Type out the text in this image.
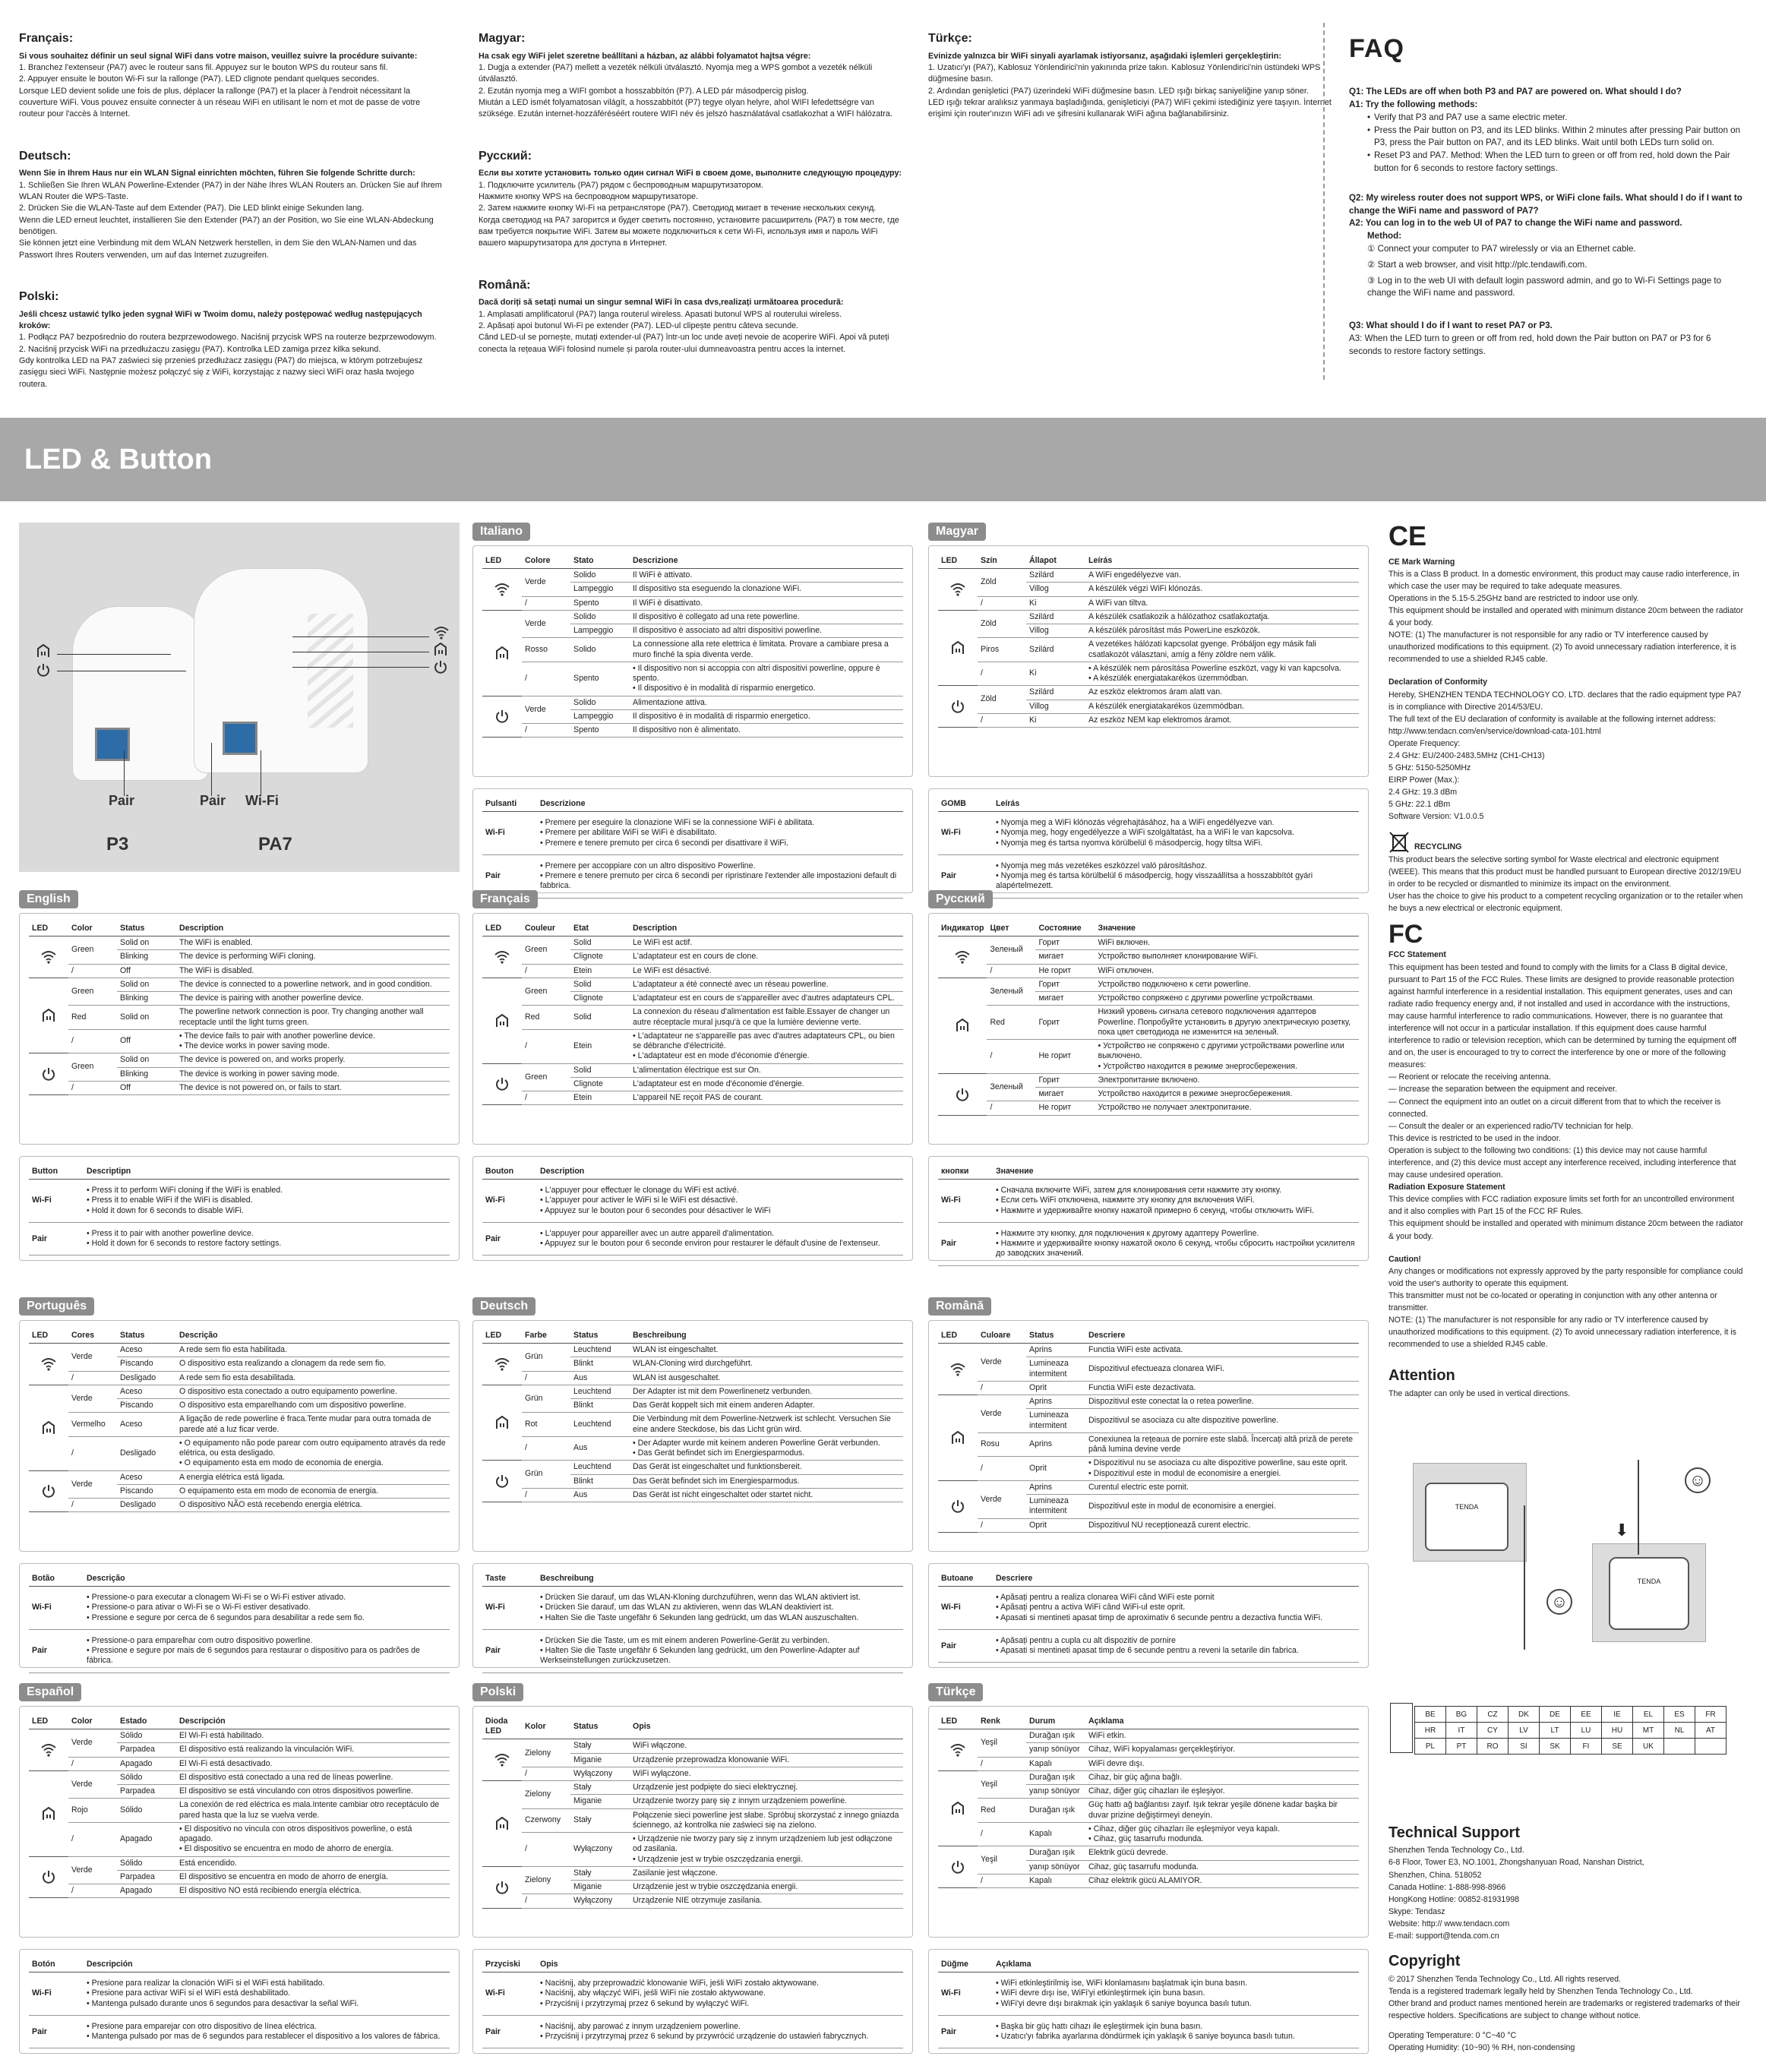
Français:
Si vous souhaitez définir un seul signal WiFi dans votre maison, veuillez suivre la procédure suivante:
1. Branchez l'extenseur (PA7) avec le routeur sans fil. Appuyez sur le bouton WPS du routeur sans fil.
2. Appuyer ensuite le bouton Wi-Fi sur la rallonge (PA7). LED clignote pendant quelques secondes.
Lorsque LED devient solide une fois de plus, déplacer la rallonge (PA7) et la placer à l'endroit nécessitant la couverture WiFi. Vous pouvez ensuite connecter à un réseau WiFi en utilisant le nom et mot de passe de votre routeur pour l'accès à Internet.
Deutsch:
Wenn Sie in Ihrem Haus nur ein WLAN Signal einrichten möchten, führen Sie folgende Schritte durch:
1. Schließen Sie Ihren WLAN Powerline-Extender (PA7) in der Nähe Ihres WLAN Routers an. Drücken Sie auf Ihrem WLAN Router die WPS-Taste.
2. Drücken Sie die WLAN-Taste auf dem Extender (PA7). Die LED blinkt einige Sekunden lang.
Wenn die LED erneut leuchtet, installieren Sie den Extender (PA7) an der Position, wo Sie eine WLAN-Abdeckung benötigen.
Sie können jetzt eine Verbindung mit dem WLAN Netzwerk herstellen, in dem Sie den WLAN-Namen und das Passwort Ihres Routers verwenden, um auf das Internet zuzugreifen.
Polski:
Jeśli chcesz ustawić tylko jeden sygnał WiFi w Twoim domu, należy postępować według następujących kroków:
1. Podłącz PA7 bezpośrednio do routera bezprzewodowego. Naciśnij przycisk WPS na routerze bezprzewodowym.
2. Naciśnij przycisk WiFi na przedłużaczu zasięgu (PA7). Kontrolka LED zamiga przez kilka sekund.
Gdy kontrolka LED na PA7 zaświeci się przenieś przedłużacz zasięgu (PA7) do miejsca, w którym potrzebujesz zasięgu sieci WiFi. Następnie możesz połączyć się z WiFi, korzystając z nazwy sieci WiFi oraz hasła twojego routera.
Magyar:
Ha csak egy WiFi jelet szeretne beállítani a házban, az alábbi folyamatot hajtsa végre:
1. Dugja a extender (PA7) mellett a vezeték nélküli útválasztó. Nyomja meg a WPS gombot a vezeték nélküli útválasztó.
2. Ezután nyomja meg a WIFI gombot a hosszabbítón (P7). A LED pár másodpercig pislog.
Miután a LED ismét folyamatosan világít, a hosszabbítót (P7) tegye olyan helyre, ahol WIFI lefedettségre van szüksége. Ezután internet-hozzáféréséért routere WIFI név és jelszó használatával csatlakozhat a WIFI hálózatra.
Русский:
Если вы хотите установить только один сигнал WiFi в своем доме, выполните следующую процедуру:
1. Подключите усилитель (PA7) рядом с беспроводным маршрутизатором.
Нажмите кнопку WPS на беспроводном маршрутизаторе.
2. Затем нажмите кнопку Wi-Fi на ретрансляторе (PA7). Светодиод мигает в течение нескольких секунд.
Когда светодиод на PA7 загорится и будет светить постоянно, установите расширитель (PA7) в том месте, где вам требуется покрытие WiFi. Затем вы можете подключиться к сети Wi-Fi, используя имя и пароль WiFi вашего маршрутизатора для доступа в Интернет.
Română:
Dacă doriți să setați numai un singur semnal WiFi în casa dvs,realizați următoarea procedură:
1. Amplasati amplificatorul (PA7) langa routerul wireless. Apasati butonul WPS al routerului wireless.
2. Apăsați apoi butonul Wi-Fi pe extender (PA7). LED-ul clipește pentru câteva secunde.
Când LED-ul se pornește, mutați extender-ul (PA7) într-un loc unde aveți nevoie de acoperire WiFi. Apoi vă puteți conecta la rețeaua WiFi folosind numele și parola router-ului dumneavoastra pentru acces la internet.
Türkçe:
Evinizde yalnızca bir WiFi sinyali ayarlamak istiyorsanız, aşağıdaki işlemleri gerçekleştirin:
1. Uzatıcı'yı (PA7), Kablosuz Yönlendirici'nin yakınında prize takın. Kablosuz Yönlendirici'nin üstündeki WPS düğmesine basın.
2. Ardından genişletici (PA7) üzerindeki WiFi düğmesine basın. LED ışığı birkaç saniyeliğine yanıp söner.
LED ışığı tekrar aralıksız yanmaya başladığında, genişleticiyi (PA7) WiFi çekimi istediğiniz yere taşıyın. İnternet erişimi için router'ınızın WiFi adı ve şifresini kullanarak WiFi ağına bağlanabilirsiniz.
FAQ

Q1: The LEDs are off when both P3 and PA7 are powered on. What should I do?

A1: Try the following methods:

• Verify that P3 and PA7 use a same electric meter.
• Press the Pair button on P3, and its LED blinks. Within 2 minutes after pressing Pair button on P3, press the Pair button on PA7, and its LED blinks. Wait until both LEDs turn solid on.
• Reset P3 and PA7. Method: When the LED turn to green or off from red, hold down the Pair button for 6 seconds to restore factory settings.

Q2: My wireless router does not support WPS, or WiFi clone fails. What should I do if I want to change the WiFi name and password of PA7?

A2: You can log in to the web UI of PA7 to change the WiFi name and password.

Method:

① Connect your computer to PA7 wirelessly or via an Ethernet cable.

② Start a web browser, and visit http://plc.tendawifi.com.

③ Log in to the web UI with default login password admin, and go to Wi-Fi Settings page to change the WiFi name and password.

Q3: What should I do if I want to reset PA7 or P3.

A3: When the LED turn to green or off from red, hold down the Pair button on PA7 or P3 for 6 seconds to restore factory settings.

LED & Button
Pair	Pair Wi-Fi
P3	PA7
Italiano
LED	Colore	Stato	Descrizione
	Verde	Solido	Il WiFi è attivato.
		Lampeggio	Il dispositivo sta eseguendo la clonazione WiFi.
	/	Spento	Il WiFi è disattivato.
	Verde	Solido	Il dispositivo è collegato ad una rete powerline.
		Lampeggio	Il dispositivo è associato ad altri dispositivi powerline.
	Rosso	Solido	La connessione alla rete elettrica è limitata. Provare a cambiare presa a muro finché la spia diventa verde.
	/	Spento	• Il dispositivo non si accoppia con altri dispositivi powerline, oppure è spento.
• Il dispositivo è in modalità di risparmio energetico.
	Verde	Solido	Alimentazione attiva.
		Lampeggio	Il dispositivo è in modalità di risparmio energetico.
	/	Spento	Il dispositivo non è alimentato.
Pulsanti	Descrizione
Wi-Fi	• Premere per eseguire la clonazione WiFi se la connessione WiFi è abilitata.
• Premere per abilitare WiFi se WiFi è disabilitato.
• Premere e tenere premuto per circa 6 secondi per disattivare il WiFi.
Pair	• Premere per accoppiare con un altro dispositivo Powerline.
• Premere e tenere premuto per circa 6 secondi per ripristinare l'extender alle impostazioni default di fabbrica.
Magyar
LED	Szín	Állapot	Leírás
	Zöld	Szilárd	A WiFi engedélyezve van.
		Villog	A készülék végzi WiFi klónozás.
	/	Ki	A WiFi van tiltva.
	Zöld	Szilárd	A készülék csatlakozik a hálózathoz csatlakoztatja.
		Villog	A készülék párosítást más PowerLine eszközök.
	Piros	Szilárd	A vezetékes hálózati kapcsolat gyenge. Próbáljon egy másik fali csatlakozót választani, amíg a fény zöldre nem válik.
	/	Ki	• A készülék nem párosítása Powerline eszközt, vagy ki van kapcsolva.
• A készülék energiatakarékos üzemmódban.
	Zöld	Szilárd	Az eszköz elektromos áram alatt van.
		Villog	A készülék energiatakarékos üzemmódban.
	/	Ki	Az eszköz NEM kap elektromos áramot.
GOMB	Leírás
Wi-Fi	• Nyomja meg a WiFi klónozás végrehajtásához, ha a WiFi engedélyezve van.
• Nyomja meg, hogy engedélyezze a WiFi szolgáltatást, ha a WiFi le van kapcsolva.
• Nyomja meg és tartsa nyomva körülbelül 6 másodpercig, hogy tiltsa WiFi.
Pair	• Nyomja meg más vezetékes eszközzel való párosításhoz.
• Nyomja meg és tartsa körülbelül 6 másodpercig, hogy visszaállítsa a hosszabbítót gyári alapértelmezett.
English
LED	Color	Status	Description
	Green	Solid on	The WiFi is enabled.
		Blinking	The device is performing WiFi cloning.
	/	Off	The WiFi is disabled.
	Green	Solid on	The device is connected to a powerline network, and in good condition.
		Blinking	The device is pairing with another powerline device.
	Red	Solid on	The powerline network connection is poor. Try changing another wall receptacle until the light turns green.
	/	Off	• The device fails to pair with another powerline device.
• The device works in power saving mode.
	Green	Solid on	The device is powered on, and works properly.
		Blinking	The device is working in power saving mode.
	/	Off	The device is not powered on, or fails to start.
Button	Descriptipn
Wi-Fi	• Press it to perform WiFi cloning if the WiFi is enabled.
• Press it to enable WiFi if the WiFi is disabled.
• Hold it down for 6 seconds to disable WiFi.
Pair	• Press it to pair with another powerline device.
• Hold it down for 6 seconds to restore factory settings.
Français
LED	Couleur	Etat	Description
	Green	Solid	Le WiFi est actif.
		Clignote	L'adaptateur est en cours de clone.
	/	Etein	Le WiFi est désactivé.
	Green	Solid	L'adaptateur a été connecté avec un réseau powerline.
		Clignote	L'adaptateur est en cours de s'appareiller avec d'autres adaptateurs CPL.
	Red	Solid	La connexion du réseau d'alimentation est faible.Essayer de changer un autre réceptacle mural jusqu'à ce que la lumière devienne verte.
	/	Etein	• L'adaptateur ne s'appareille pas avec d'autres adaptateurs CPL, ou bien se débranche d'électricité.
• L'adaptateur est en mode d'économie d'énergie.
	Green	Solid	L'alimentation électrique est sur On.
		Clignote	L'adaptateur est en mode d'économie d'énergie.
	/	Etein	L'appareil NE reçoit PAS de courant.
Bouton	Description
Wi-Fi	• L'appuyer pour effectuer le clonage du WiFi est activé.
• L'appuyer pour activer le WiFi si le WiFi est désactivé.
• Appuyez sur le bouton pour 6 secondes pour désactiver le WiFi
Pair	• L'appuyer pour appareiller avec un autre appareil d'alimentation.
• Appuyez sur le bouton pour 6 seconde environ pour restaurer le défault d'usine de l'extenseur.
Русский
Индикатор	Цвет	Состояние	Значение
	Зеленый	Горит	WiFi включен.
		мигает	Устройство выполняет клонирование WiFi.
	/	Не горит	WiFi отключен.
	Зеленый	Горит	Устройство подключено к сети powerline.
		мигает	Устройство сопряжено с другими powerline устройствами.
	Red	Горит	Низкий уровень сигнала сетевого подключения адаптеров Powerline. Попробуйте установить в другую электрическую розетку, пока цвет светодиода не изменится на зеленый.
	/	Не горит	• Устройство не сопряжено с другими устройствами powerline или выключено.
• Устройство находится в режиме энергосбережения.
	Зеленый	Горит	Электропитание включено.
		мигает	Устройство находится в режиме энергосбережения.
	/	Не горит	Устройство не получает электропитание.
кнопки	Значение
Wi-Fi	• Сначала включите WiFi, затем для клонирования сети нажмите эту кнопку.
• Если сеть WiFi отключена, нажмите эту кнопку для включения WiFi.
• Нажмите и удерживайте кнопку нажатой примерно 6 секунд, чтобы отключить WiFi.
Pair	• Нажмите эту кнопку, для подключения к другому адаптеру Powerline.
• Нажмите и удерживайте кнопку нажатой около 6 секунд, чтобы сбросить настройки усилителя до заводских значений.
Português
LED	Cores	Status	Descrição
	Verde	Aceso	A rede sem fio esta habilitada.
		Piscando	O dispositivo esta realizando a clonagem da rede sem fio.
	/	Desligado	A rede sem fio esta desabilitada.
	Verde	Aceso	O dispositivo esta conectado a outro equipamento powerline.
		Piscando	O dispositivo esta emparelhando com um dispositivo powerline.
	Vermelho	Aceso	A ligação de rede powerline é fraca.Tente mudar para outra tomada de parede até a luz ficar verde.
	/	Desligado	• O equipamento não pode parear com outro equipamento através da rede elétrica, ou esta desligado.
• O equipamento esta em modo de economia de energia.
	Verde	Aceso	A energia elétrica está ligada.
		Piscando	O equipamento esta em modo de economia de energia.
	/	Desligado	O dispositivo NÃO está recebendo energia elétrica.
Botão	Descrição
Wi-Fi	• Pressione-o para executar a clonagem Wi-Fi se o Wi-Fi estiver ativado.
• Pressione-o para ativar o Wi-Fi se o Wi-Fi estiver desativado.
• Pressione e segure por cerca de 6 segundos para desabilitar a rede sem fio.
Pair	• Pressione-o para emparelhar com outro dispositivo powerline.
• Pressione e segure por mais de 6 segundos para restaurar o dispositivo para os padrões de fábrica.
Deutsch
LED	Farbe	Status	Beschreibung
	Grün	Leuchtend	WLAN ist eingeschaltet.
		Blinkt	WLAN-Cloning wird durchgeführt.
	/	Aus	WLAN ist ausgeschaltet.
	Grün	Leuchtend	Der Adapter ist mit dem Powerlinenetz verbunden.
		Blinkt	Das Gerät koppelt sich mit einem anderen Adapter.
	Rot	Leuchtend	Die Verbindung mit dem Powerline-Netzwerk ist schlecht. Versuchen Sie eine andere Steckdose, bis das Licht grün wird.
	/	Aus	• Der Adapter wurde mit keinem anderen Powerline Gerät verbunden.
• Das Gerät befindet sich im Energiesparmodus.
	Grün	Leuchtend	Das Gerät ist eingeschaltet und funktionsbereit.
		Blinkt	Das Gerät befindet sich im Energiesparmodus.
	/	Aus	Das Gerät ist nicht eingeschaltet oder startet nicht.
Taste	Beschreibung
Wi-Fi	• Drücken Sie darauf, um das WLAN-Kloning durchzuführen, wenn das WLAN aktiviert ist.
• Drücken Sie darauf, um das WLAN zu aktivieren, wenn das WLAN deaktiviert ist.
• Halten Sie die Taste ungefähr 6 Sekunden lang gedrückt, um das WLAN auszuschalten.
Pair	• Drücken Sie die Taste, um es mit einem anderen Powerline-Gerät zu verbinden.
• Halten Sie die Taste ungefähr 6 Sekunden lang gedrückt, um den Powerline-Adapter auf Werkseinstellungen zurückzusetzen.
Română
LED	Culoare	Status	Descriere
	Verde	Aprins	Functia WiFi este activata.
		Lumineaza intermitent	Dispozitivul efectueaza clonarea WiFi.
	/	Oprit	Functia WiFi este dezactivata.
	Verde	Aprins	Dispozitivul este conectat la o retea powerline.
		Lumineaza intermitent	Dispozitivul se asociaza cu alte dispozitive powerline.
	Rosu	Aprins	Conexiunea la rețeaua de pornire este slabă. Încercați altă priză de perete până lumina devine verde
	/	Oprit	• Dispozitivul nu se asociaza cu alte dispozitive powerline, sau este oprit.
• Dispozitivul este in modul de economisire a energiei.
	Verde	Aprins	Curentul electric este pornit.
		Lumineaza intermitent	Dispozitivul este in modul de economisire a energiei.
	/	Oprit	Dispozitivul NU recepționează curent electric.
Butoane	Descriere
Wi-Fi	• Apăsați pentru a realiza clonarea WiFi când WiFi este pornit
• Apăsați pentru a activa WiFi când WiFi-ul este oprit.
• Apasati si mentineti apasat timp de aproximativ 6 secunde pentru a dezactiva functia WiFi.
Pair	• Apăsați pentru a cupla cu alt dispozitiv de pornire
• Apasati si mentineti apasat timp de 6 secunde pentru a reveni la setarile din fabrica.
Español
LED	Color	Estado	Descripción
	Verde	Sólido	El Wi-Fi está habilitado.
		Parpadea	El dispositivo está realizando la vinculación WiFi.
	/	Apagado	El Wi-Fi está desactivado.
	Verde	Sólido	El dispositivo está conectado a una red de líneas powerline.
		Parpadea	El dispositivo se está vinculando con otros dispositivos powerline.
	Rojo	Sólido	La conexión de red eléctrica es mala.Intente cambiar otro receptáculo de pared hasta que la luz se vuelva verde.
	/	Apagado	• El dispositivo no vincula con otros dispositivos powerline, o está apagado.
• El dispositivo se encuentra en modo de ahorro de energía.
	Verde	Sólido	Está encendido.
		Parpadea	El dispositivo se encuentra en modo de ahorro de energía.
	/	Apagado	El dispositivo NO está recibiendo energía eléctrica.
Botón	Descripción
Wi-Fi	• Presione para realizar la clonación WiFi si el WiFi está habilitado.
• Presione para activar WiFi si el WiFi está deshabilitado.
• Mantenga pulsado durante unos 6 segundos para desactivar la señal WiFi.
Pair	• Presione para emparejar con otro dispositivo de línea eléctrica.
• Mantenga pulsado por mas de 6 segundos para restablecer el dispositivo a los valores de fábrica.
Polski
Dioda LED	Kolor	Status	Opis
	Zielony	Stały	WiFi włączone.
		Miganie	Urządzenie przeprowadza klonowanie WiFi.
	/	Wyłączony	WiFi wyłączone.
	Zielony	Stały	Urządzenie jest podpięte do sieci elektrycznej.
		Miganie	Urządzenie tworzy parę się z innym urządzeniem powerline.
	Czerwony	Stały	Połączenie sieci powerline jest słabe. Spróbuj skorzystać z innego gniazda ściennego, aż kontrolka nie zaświeci się na zielono.
	/	Wyłączony	• Urządzenie nie tworzy pary się z innym urządzeniem lub jest odłączone od zasilania.
• Urządzenie jest w trybie oszczędzania energii.
	Zielony	Stały	Zasilanie jest włączone.
		Miganie	Urządzenie jest w trybie oszczędzania energii.
	/	Wyłączony	Urządzenie NIE otrzymuje zasilania.
Przyciski	Opis
Wi-Fi	• Naciśnij, aby przeprowadzić klonowanie WiFi, jeśli WiFi zostało aktywowane.
• Naciśnij, aby włączyć WiFi, jeśli WiFi nie zostało aktywowane.
• Przyciśnij i przytrzymaj przez 6 sekund by wyłączyć WiFi.
Pair	• Naciśnij, aby parować z innym urządzeniem powerline.
• Przyciśnij i przytrzymaj przez 6 sekund by przywrócić urządzenie do ustawień fabrycznych.
Türkçe
LED	Renk	Durum	Açıklama
	Yeşil	Durağan ışık	WiFi etkin.
		yanıp sönüyor	Cihaz, WiFi kopyalaması gerçekleştiriyor.
	/	Kapalı	WiFi devre dışı.
	Yeşil	Durağan ışık	Cihaz, bir güç ağına bağlı.
		yanıp sönüyor	Cihaz, diğer güç cihazları ile eşleşiyor.
	Red	Durağan ışık	Güç hattı ağ bağlantısı zayıf. Işık tekrar yeşile dönene kadar başka bir duvar prizine değiştirmeyi deneyin.
	/	Kapalı	• Cihaz, diğer güç cihazları ile eşleşmiyor veya kapalı.
• Cihaz, güç tasarrufu modunda.
	Yeşil	Durağan ışık	Elektrik gücü devrede.
		yanıp sönüyor	Cihaz, güç tasarrufu modunda.
	/	Kapalı	Cihaz elektrik gücü ALAMIYOR.
Düğme	Açıklama
Wi-Fi	• WiFi etkinleştirilmiş ise, WiFi klonlamasını başlatmak için buna basın.
• WiFi devre dışı ise, WiFi'yi etkinleştirmek için buna basın.
• WiFi'yi devre dışı bırakmak için yaklaşık 6 saniye boyunca basılı tutun.
Pair	• Başka bir güç hattı cihazı ile eşleştirmek için buna basın.
• Uzatıcı'yı fabrika ayarlarına döndürmek için yaklaşık 6 saniye boyunca basılı tutun.
CE
CE Mark Warning
This is a Class B product. In a domestic environment, this product may cause radio interference, in which case the user may be required to take adequate measures.
Operations in the 5.15-5.25GHz band are restricted to indoor use only.
This equipment should be installed and operated with minimum distance 20cm between the radiator & your body.
NOTE: (1) The manufacturer is not responsible for any radio or TV interference caused by unauthorized modifications to this equipment. (2) To avoid unnecessary radiation interference, it is recommended to use a shielded RJ45 cable.
Declaration of Conformity
Hereby, SHENZHEN TENDA TECHNOLOGY CO. LTD. declares that the radio equipment type PA7 is in compliance with Directive 2014/53/EU.
The full text of the EU declaration of conformity is available at the following internet address: http://www.tendacn.com/en/service/download-cata-101.html
Operate Frequency:
2.4 GHz: EU/2400-2483.5MHz (CH1-CH13)
5 GHz: 5150-5250MHz
EIRP Power (Max.):
2.4 GHz: 19.3 dBm
5 GHz: 22.1 dBm
Software Version: V1.0.0.5
RECYCLING
This product bears the selective sorting symbol for Waste electrical and electronic equipment (WEEE). This means that this product must be handled pursuant to European directive 2012/19/EU in order to be recycled or dismantled to minimize its impact on the environment.
User has the choice to give his product to a competent recycling organization or to the retailer when he buys a new electrical or electronic equipment.
FC
FCC Statement
This equipment has been tested and found to comply with the limits for a Class B digital device, pursuant to Part 15 of the FCC Rules. These limits are designed to provide reasonable protection against harmful interference in a residential installation. This equipment generates, uses and can radiate radio frequency energy and, if not installed and used in accordance with the instructions, may cause harmful interference to radio communications. However, there is no guarantee that interference will not occur in a particular installation. If this equipment does cause harmful interference to radio or television reception, which can be determined by turning the equipment off and on, the user is encouraged to try to correct the interference by one or more of the following measures:
— Reorient or relocate the receiving antenna.
— Increase the separation between the equipment and receiver.
— Connect the equipment into an outlet on a circuit different from that to which the receiver is connected.
— Consult the dealer or an experienced radio/TV technician for help.
This device is restricted to be used in the indoor.
Operation is subject to the following two conditions: (1) this device may not cause harmful interference, and (2) this device must accept any interference received, including interference that may cause undesired operation.
Radiation Exposure Statement
This device complies with FCC radiation exposure limits set forth for an uncontrolled environment and it also complies with Part 15 of the FCC RF Rules.
This equipment should be installed and operated with minimum distance 20cm between the radiator & your body.
Caution!
Any changes or modifications not expressly approved by the party responsible for compliance could void the user's authority to operate this equipment.
This transmitter must not be co-located or operating in conjunction with any other antenna or transmitter.
NOTE: (1) The manufacturer is not responsible for any radio or TV interference caused by unauthorized modifications to this equipment. (2) To avoid unnecessary radiation interference, it is recommended to use a shielded RJ45 cable.
Attention
The adapter can only be used in vertical directions.
TENDA
☺
TENDA
⬇
☺
BE	BG	CZ	DK	DE	EE	IE	EL	ES	FR
HR	IT	CY	LV	LT	LU	HU	MT	NL	AT
PL	PT	RO	SI	SK	FI	SE	UK		
Technical Support
Shenzhen Tenda Technology Co., Ltd.
6-8 Floor, Tower E3, NO.1001, Zhongshanyuan Road, Nanshan District,
Shenzhen, China. 518052
Canada Hotline: 1-888-998-8966
HongKong Hotline: 00852-81931998
Skype: Tendasz
Website: http:// www.tendacn.com
E-mail: support@tenda.com.cn
Copyright
© 2017 Shenzhen Tenda Technology Co., Ltd. All rights reserved.
Tenda is a registered trademark legally held by Shenzhen Tenda Technology Co., Ltd.
Other brand and product names mentioned herein are trademarks or registered trademarks of their respective holders. Specifications are subject to change without notice.
Operating Temperature: 0 °C~40 °C
Operating Humidity: (10~90) % RH, non-condensing
